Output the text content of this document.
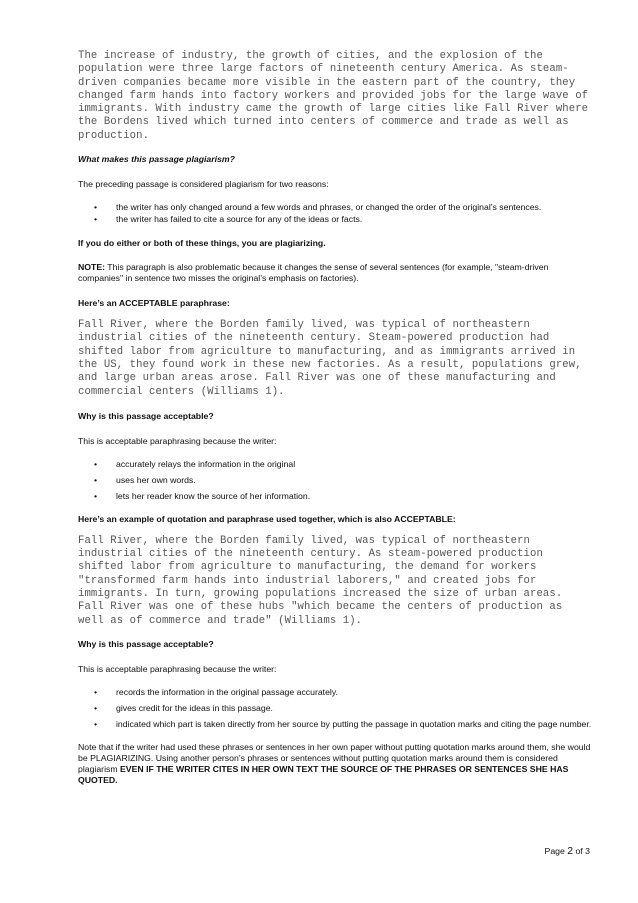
The increase of industry, the growth of cities, and the explosion of the population were three large factors of nineteenth century America. As steam-driven companies became more visible in the eastern part of the country, they changed farm hands into factory workers and provided jobs for the large wave of immigrants. With industry came the growth of large cities like Fall River where the Bordens lived which turned into centers of commerce and trade as well as production.

What makes this passage plagiarism?

The preceding passage is considered plagiarism for two reasons:

• the writer has only changed around a few words and phrases, or changed the order of the original’s sentences.
• the writer has failed to cite a source for any of the ideas or facts.

If you do either or both of these things, you are plagiarizing.

NOTE: This paragraph is also problematic because it changes the sense of several sentences (for example, "steam-driven companies" in sentence two misses the original’s emphasis on factories).

Here’s an ACCEPTABLE paraphrase:

Fall River, where the Borden family lived, was typical of northeastern industrial cities of the nineteenth century. Steam-powered production had shifted labor from agriculture to manufacturing, and as immigrants arrived in the US, they found work in these new factories. As a result, populations grew, and large urban areas arose. Fall River was one of these manufacturing and commercial centers (Williams 1).

Why is this passage acceptable?

This is acceptable paraphrasing because the writer:

• accurately relays the information in the original
• uses her own words.
• lets her reader know the source of her information.

Here’s an example of quotation and paraphrase used together, which is also ACCEPTABLE:

Fall River, where the Borden family lived, was typical of northeastern industrial cities of the nineteenth century. As steam-powered production shifted labor from agriculture to manufacturing, the demand for workers "transformed farm hands into industrial laborers," and created jobs for immigrants. In turn, growing populations increased the size of urban areas. Fall River was one of these hubs "which became the centers of production as well as of commerce and trade" (Williams 1).

Why is this passage acceptable?

This is acceptable paraphrasing because the writer:

• records the information in the original passage accurately.
• gives credit for the ideas in this passage.
• indicated which part is taken directly from her source by putting the passage in quotation marks and citing the page number.

Note that if the writer had used these phrases or sentences in her own paper without putting quotation marks around them, she would be PLAGIARIZING. Using another person’s phrases or sentences without putting quotation marks around them is considered plagiarism EVEN IF THE WRITER CITES IN HER OWN TEXT THE SOURCE OF THE PHRASES OR SENTENCES SHE HAS QUOTED.

Page 2 of 3
